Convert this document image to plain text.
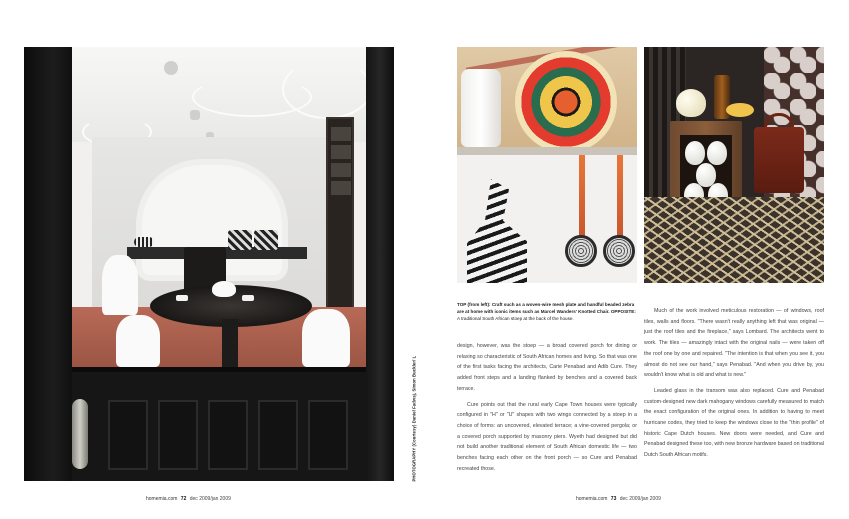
PHOTOGRAPHY (Courtesy) Daniel Fadwsj, Simon Buckler/ L
TOP (from left): Craft such as a woven-wire mesh plate and handful beaded zebra are at home with iconic items such as Marcel Wanders' Knotted Chair. OPPOSITE: A traditional South African stoep at the back of the house.

design, however, was the stoep — a broad covered porch for dining or relaxing so characteristic of South African homes and living. So that was one of the first tasks facing the architects, Carie Penabad and Adib Cure. They added front steps and a landing flanked by benches and a covered back terrace.

Cure points out that the rural early Cape Town houses were typically configured in "H" or "U" shapes with two wings connected by a stoep in a choice of forms: an uncovered, elevated terrace; a vine-covered pergola; or a covered porch supported by masonry piers. Wyeth had designed but did not build another traditional element of South African domestic life — two benches facing each other on the front porch — so Cure and Penabad recreated those.

Much of the work involved meticulous restoration — of windows, roof tiles, walls and floors. "There wasn't really anything left that was original — just the roof tiles and the fireplace," says Lombard. The architects went to work. The tiles — amazingly intact with the original nails — were taken off the roof one by one and repaired. "The intention is that when you see it, you almost do not see our hand," says Penabad. "And when you drive by, you wouldn't know what is old and what is new."

Leaded glass in the transom was also replaced. Cure and Penabad custom-designed new dark mahogany windows carefully measured to match the exact configuration of the original ones. In addition to having to meet hurricane codes, they tried to keep the windows close to the "thin profile" of historic Cape Dutch houses. New doors were needed, and Cure and Penabad designed these too, with new bronze hardware based on traditional Dutch South African motifs.

homemia.com 72 dec 2009/jan 2009	homemia.com 73 dec 2009/jan 2009
